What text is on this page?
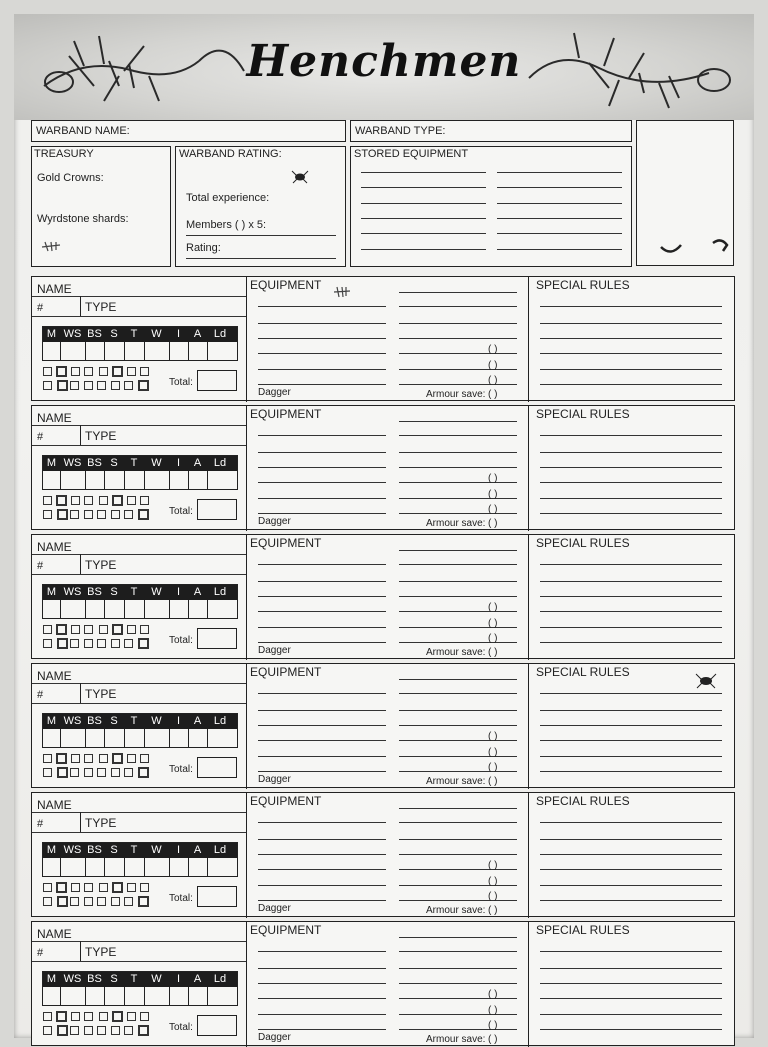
Henchmen
WARBAND NAME:	WARBAND TYPE:
TREASURY
Gold Crowns:
Wyrdstone shards:
WARBAND RATING:
Total experience:
Members ( ) x 5:
Rating:
STORED EQUIPMENT
NAME
#	TYPE
M WS BS S	T	W	I	A	Ld
Total:
EQUIPMENT
( )
( )
( )
( )
Dagger	Armour save:
SPECIAL RULES
NAME
#	TYPE
M WS BS S	T	W	I	A	Ld
Total:
EQUIPMENT
( )
( )
( )
( )
Dagger	Armour save:
SPECIAL RULES
NAME
#	TYPE
M WS BS S	T	W	I	A	Ld
Total:
EQUIPMENT
( )
( )
( )
( )
Dagger	Armour save:
SPECIAL RULES
NAME
#	TYPE
M WS BS S	T	W	I	A	Ld
Total:
EQUIPMENT
( )
( )
( )
( )
Dagger	Armour save:
SPECIAL RULES
NAME
#	TYPE
M WS BS S	T	W	I	A	Ld
Total:
EQUIPMENT
( )
( )
( )
( )
Dagger	Armour save:
SPECIAL RULES
NAME
#	TYPE
M WS BS S	T	W	I	A	Ld
Total:
EQUIPMENT
( )
( )
( )
( )
Dagger	Armour save:
SPECIAL RULES
